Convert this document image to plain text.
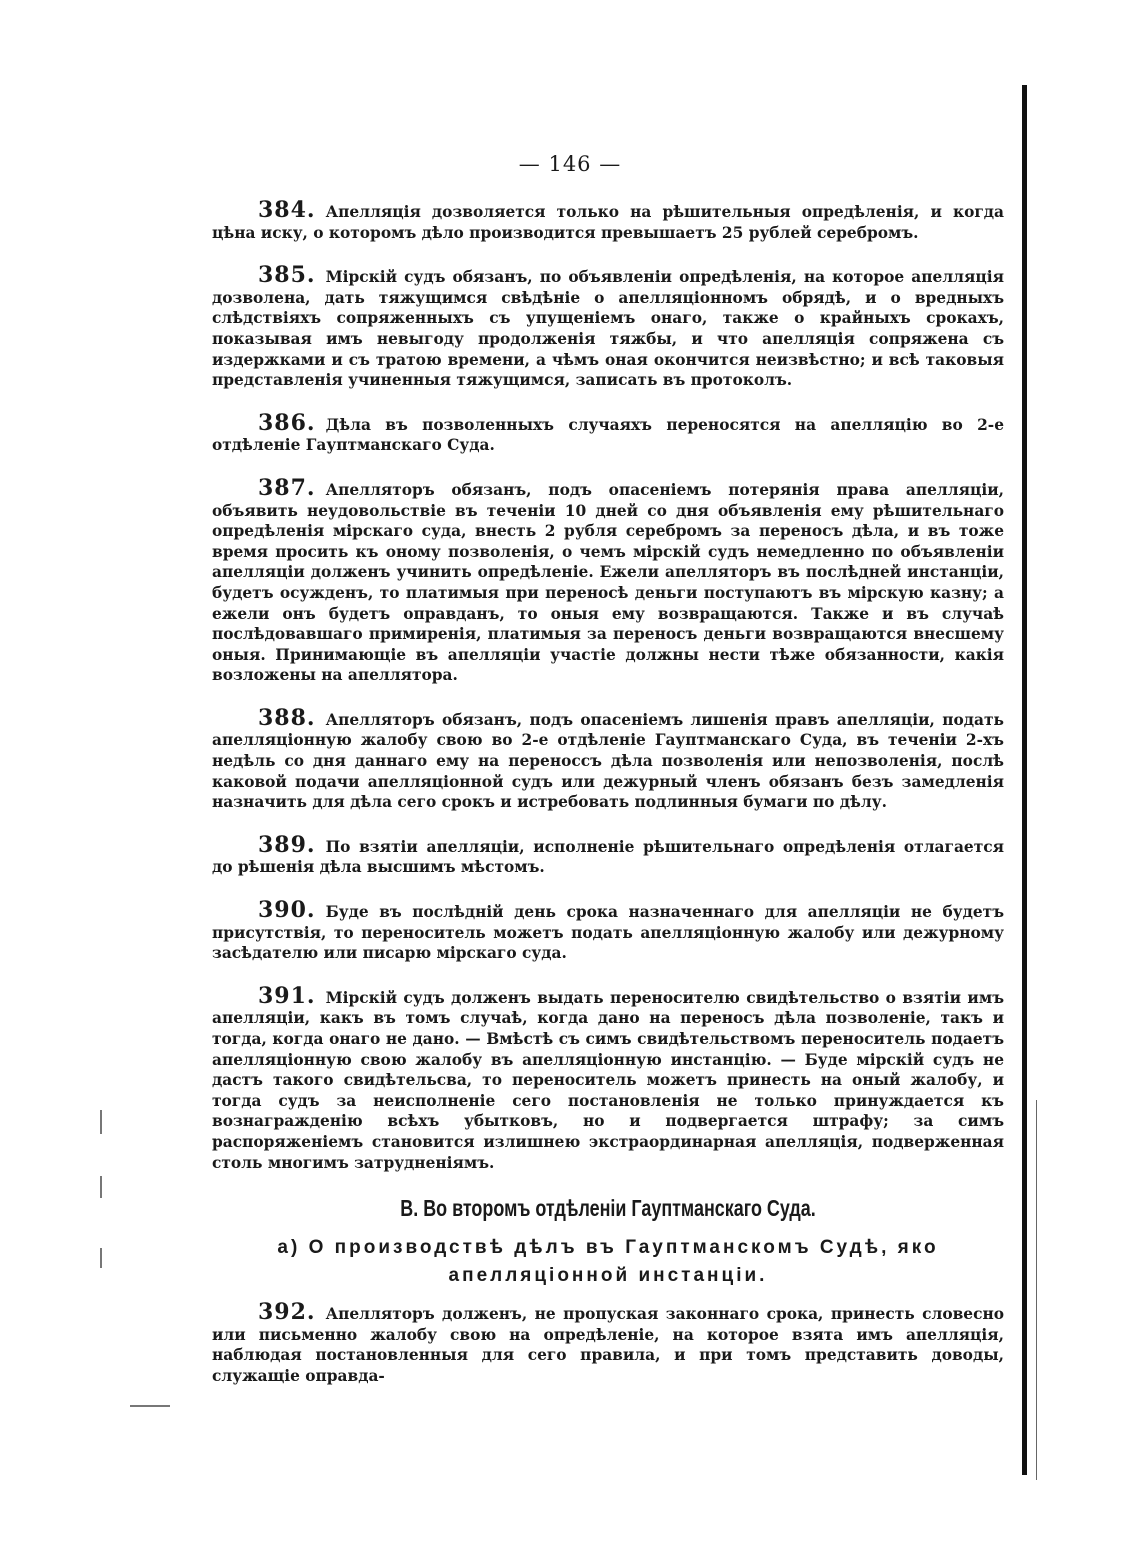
— 146 —

384. Апелляція дозволяется только на рѣшительныя опредѣленія, и когда цѣна иску, о которомъ дѣло производится превышаетъ 25 рублей серебромъ.

385. Мірскій судъ обязанъ, по объявленіи опредѣленія, на которое апелляція дозволена, дать тяжущимся свѣдѣніе о апелляціонномъ обрядѣ, и о вредныхъ слѣдствіяхъ сопряженныхъ съ упущеніемъ онаго, также о крайныхъ срокахъ, показывая имъ невыгоду продолженія тяжбы, и что апелляція сопряжена съ издержками и съ тратою времени, а чѣмъ оная окончится неизвѣстно; и всѣ таковыя представленія учиненныя тяжущимся, записать въ протоколъ.

386. Дѣла въ позволенныхъ случаяхъ переносятся на апелляцію во 2-е отдѣленіе Гауптманскаго Суда.

387. Апелляторъ обязанъ, подъ опасеніемъ потерянія права апелляціи, объявить неудовольствіе въ теченіи 10 дней со дня объявленія ему рѣшительнаго опредѣленія мірскаго суда, внесть 2 рубля серебромъ за переносъ дѣла, и въ тоже время просить къ оному позволенія, о чемъ мірскій судъ немедленно по объявленіи апелляціи долженъ учинить опредѣленіе. Ежели апелляторъ въ послѣдней инстанціи, будетъ осужденъ, то платимыя при переносѣ деньги поступаютъ въ мірскую казну; а ежели онъ будетъ оправданъ, то оныя ему возвращаются. Также и въ случаѣ послѣдовавшаго примиренія, платимыя за переносъ деньги возвращаются внесшему оныя. Принимающіе въ апелляціи участіе должны нести тѣже обязанности, какія возложены на апеллятора.

388. Апелляторъ обязанъ, подъ опасеніемъ лишенія правъ апелляціи, подать апелляціонную жалобу свою во 2-е отдѣленіе Гауптманскаго Суда, въ теченіи 2-хъ недѣль со дня даннаго ему на переноссъ дѣла позволенія или непозволенія, послѣ каковой подачи апелляціонной судъ или дежурный членъ обязанъ безъ замедленія назначить для дѣла сего срокъ и истребовать подлинныя бумаги по дѣлу.

389. По взятіи апелляціи, исполненіе рѣшительнаго опредѣленія отлагается до рѣшенія дѣла высшимъ мѣстомъ.

390. Буде въ послѣдній день срока назначеннаго для апелляціи не будетъ присутствія, то переноситель можетъ подать апелляціонную жалобу или дежурному засѣдателю или писарю мірскаго суда.

391. Мірскій судъ долженъ выдать переносителю свидѣтельство о взятіи имъ апелляціи, какъ въ томъ случаѣ, когда дано на переносъ дѣла позволеніе, такъ и тогда, когда онаго не дано. — Вмѣстѣ съ симъ свидѣтельствомъ переноситель подаетъ апелляціонную свою жалобу въ апелляціонную инстанцію. — Буде мірскій судъ не дастъ такого свидѣтельсва, то переноситель можетъ принесть на оный жалобу, и тогда судъ за неисполненіе сего постановленія не только принуждается къ вознагражденію всѣхъ убытковъ, но и подвергается штрафу; за симъ распоряженіемъ становится излишнею экстраординарная апелляція, подверженная столь многимъ затрудненіямъ.

B. Во второмъ отдѣленіи Гауптманскаго Суда.
а) О производствѣ дѣлъ въ Гауптманскомъ Судѣ, яко апелляціонной инстанціи.

392. Апелляторъ долженъ, не пропуская законнаго срока, принесть словесно или письменно жалобу свою на опредѣленіе, на которое взята имъ апелляція, наблюдая постановленныя для сего правила, и при томъ представить доводы, служащіе оправда-
